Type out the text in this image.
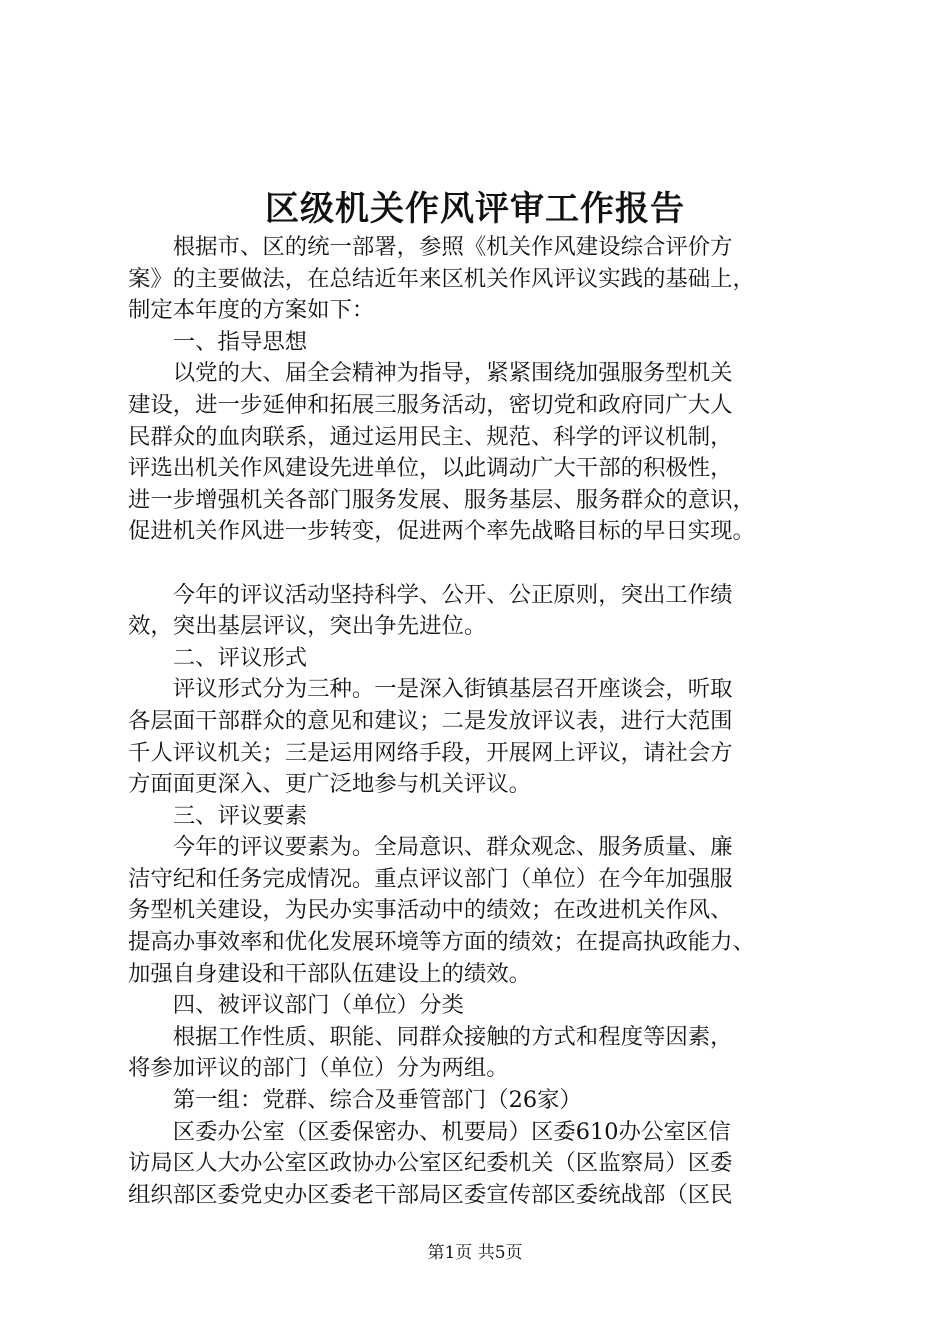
区级机关作风评审工作报告
　　根据市、区的统一部署，参照《机关作风建设综合评价方
案》的主要做法，在总结近年来区机关作风评议实践的基础上，
制定本年度的方案如下：
　　一、指导思想
　　以党的大、届全会精神为指导，紧紧围绕加强服务型机关
建设，进一步延伸和拓展三服务活动，密切党和政府同广大人
民群众的血肉联系，通过运用民主、规范、科学的评议机制，
评选出机关作风建设先进单位，以此调动广大干部的积极性，
进一步增强机关各部门服务发展、服务基层、服务群众的意识，
促进机关作风进一步转变，促进两个率先战略目标的早日实现。
　　今年的评议活动坚持科学、公开、公正原则，突出工作绩
效，突出基层评议，突出争先进位。
　　二、评议形式
　　评议形式分为三种。一是深入街镇基层召开座谈会，听取
各层面干部群众的意见和建议；二是发放评议表，进行大范围
千人评议机关；三是运用网络手段，开展网上评议，请社会方
方面面更深入、更广泛地参与机关评议。
　　三、评议要素
　　今年的评议要素为。全局意识、群众观念、服务质量、廉
洁守纪和任务完成情况。重点评议部门（单位）在今年加强服
务型机关建设，为民办实事活动中的绩效；在改进机关作风、
提高办事效率和优化发展环境等方面的绩效；在提高执政能力、
加强自身建设和干部队伍建设上的绩效。
　　四、被评议部门（单位）分类
　　根据工作性质、职能、同群众接触的方式和程度等因素，
将参加评议的部门（单位）分为两组。
　　第一组：党群、综合及垂管部门（26家）
　　区委办公室（区委保密办、机要局）区委610办公室区信
访局区人大办公室区政协办公室区纪委机关（区监察局）区委
组织部区委党史办区委老干部局区委宣传部区委统战部（区民
第1页 共5页
